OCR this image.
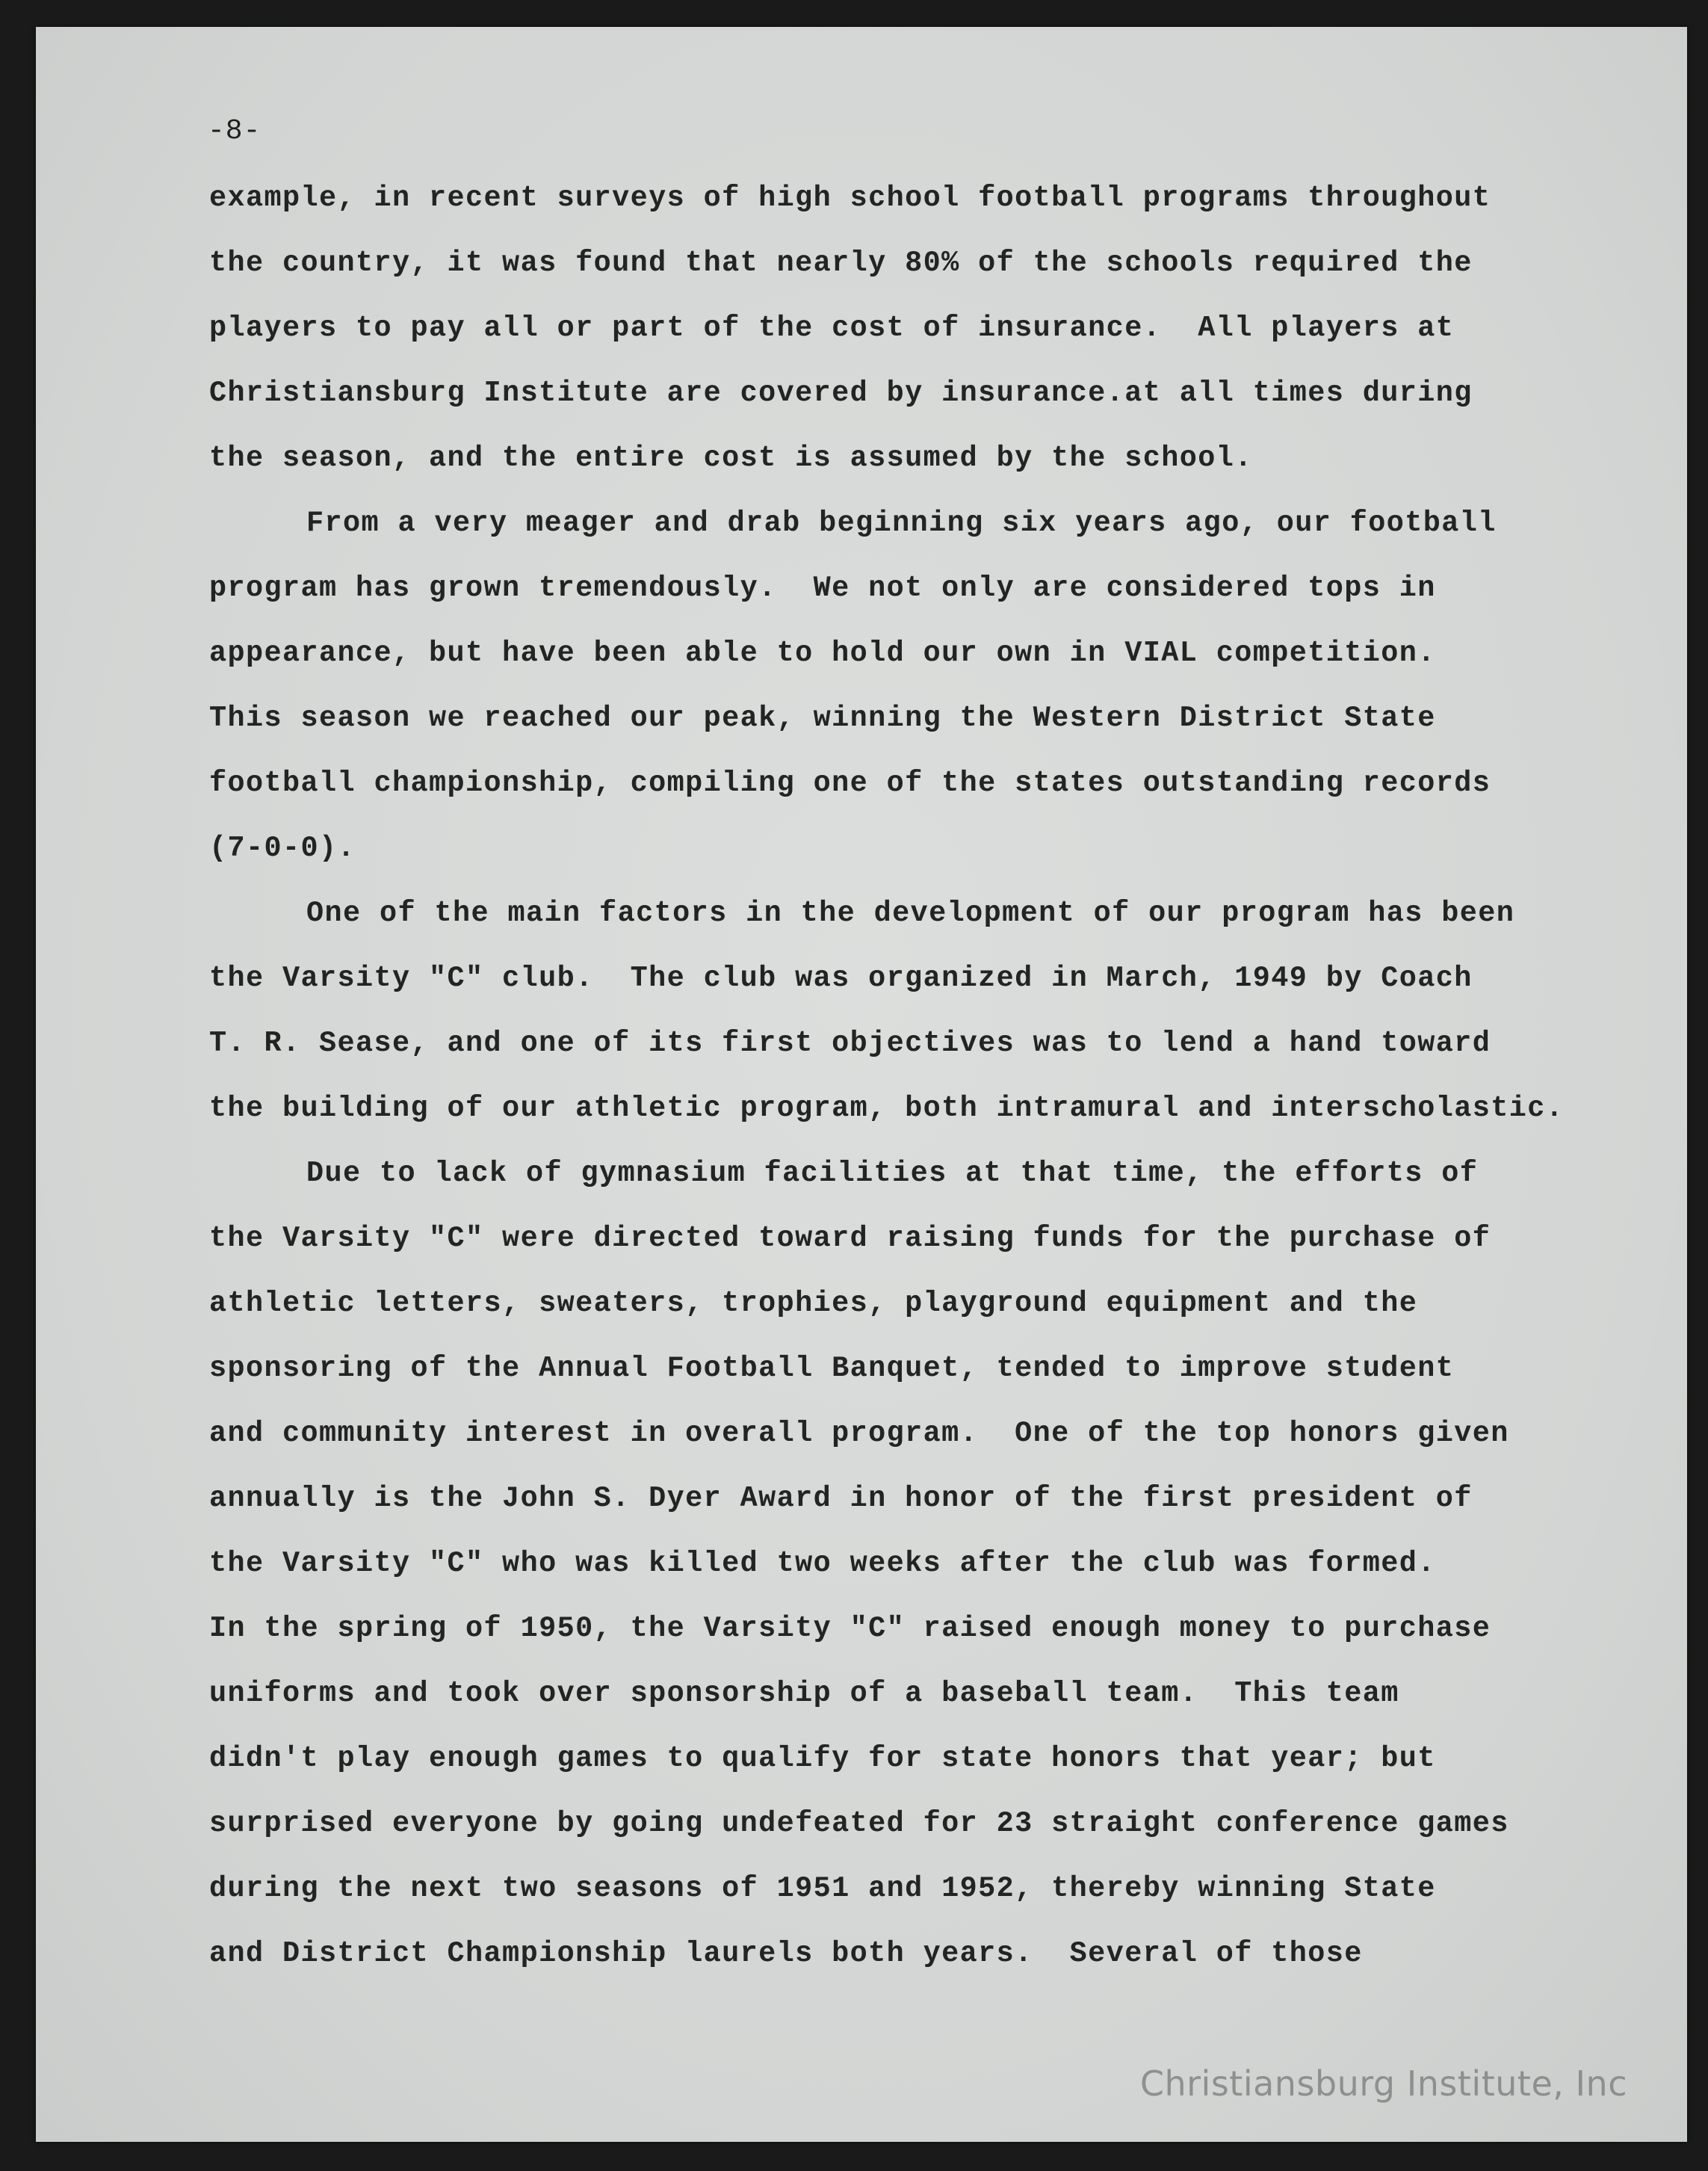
-8-
example, in recent surveys of high school football programs throughout
the country, it was found that nearly 80% of the schools required the
players to pay all or part of the cost of insurance.  All players at
Christiansburg Institute are covered by insurance.at all times during
the season, and the entire cost is assumed by the school.
From a very meager and drab beginning six years ago, our football
program has grown tremendously.  We not only are considered tops in
appearance, but have been able to hold our own in VIAL competition.
This season we reached our peak, winning the Western District State
football championship, compiling one of the states outstanding records
(7-0-0).
One of the main factors in the development of our program has been
the Varsity "C" club.  The club was organized in March, 1949 by Coach
T. R. Sease, and one of its first objectives was to lend a hand toward
the building of our athletic program, both intramural and interscholastic.
Due to lack of gymnasium facilities at that time, the efforts of
the Varsity "C" were directed toward raising funds for the purchase of
athletic letters, sweaters, trophies, playground equipment and the
sponsoring of the Annual Football Banquet, tended to improve student
and community interest in overall program.  One of the top honors given
annually is the John S. Dyer Award in honor of the first president of
the Varsity "C" who was killed two weeks after the club was formed.
In the spring of 1950, the Varsity "C" raised enough money to purchase
uniforms and took over sponsorship of a baseball team.  This team
didn't play enough games to qualify for state honors that year; but
surprised everyone by going undefeated for 23 straight conference games
during the next two seasons of 1951 and 1952, thereby winning State
and District Championship laurels both years.  Several of those
Christiansburg Institute, Inc
